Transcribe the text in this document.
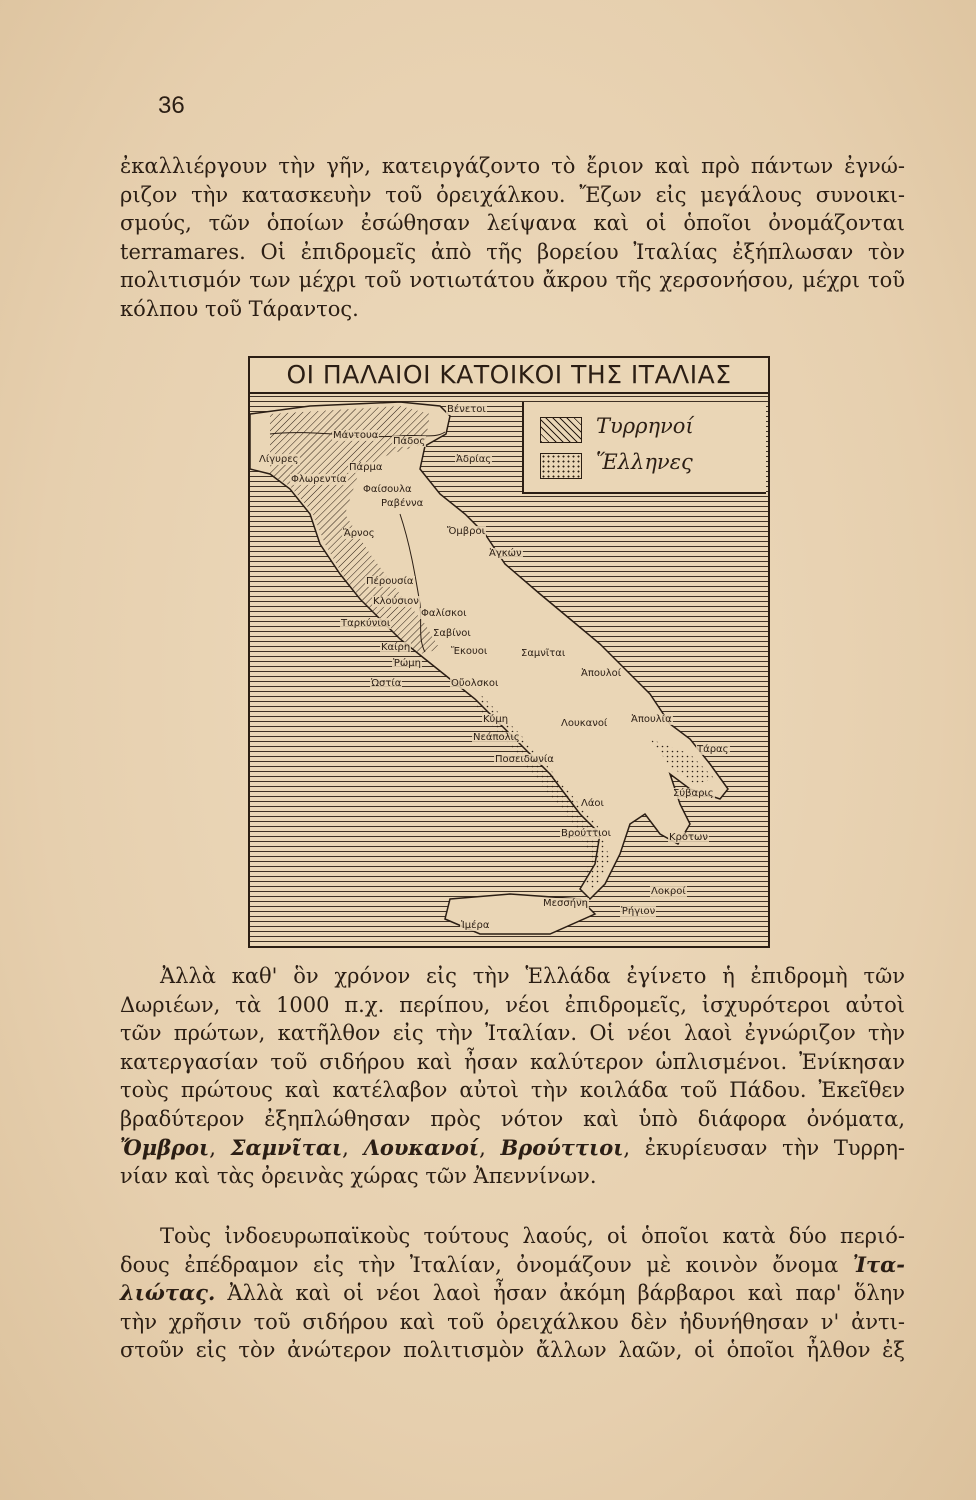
36
ἐκαλλιέργουν τὴν γῆν, κατειργάζοντο τὸ ἔριον καὶ πρὸ πάντων ἐγνώ-
ριζον τὴν κατασκευὴν τοῦ ὀρειχάλκου. Ἔζων εἰς μεγάλους συνοικι-
σμούς, τῶν ὁποίων ἐσώθησαν λείψανα καὶ οἱ ὁποῖοι ὀνομάζονται
terramares. Οἱ ἐπιδρομεῖς ἀπὸ τῆς βορείου Ἰταλίας ἐξήπλωσαν τὸν
πολιτισμόν των μέχρι τοῦ νοτιωτάτου ἄκρου τῆς χερσονήσου, μέχρι τοῦ
κόλπου τοῦ Τάραντος.
ΟΙ ΠΑΛΑΙΟΙ ΚΑΤΟΙΚΟΙ ΤΗΣ ΙΤΑΛΙΑΣ
Τυρρηνοί
Ἕλληνες
Βένετοι
Μάντουα
Πάδος
Ἀδρίας
Λίγυρες
Φλωρεντία
Πάρμα
Φαίσουλα
Ραβέννα
Ἄρνος	Ὄμβροι
Ἀγκών
Πέρουσία
Κλούσιον
Ταρκύνιοι
Φαλίσκοι
Σαβίνοι
Καίρη	Ἔκουοι
Ῥώμη
Ὠστία	Οὔολσκοι
Σαμνῖται
Ἀπουλοί
Κύμη
Νεάπολις
Λουκανοί Ἀπουλία
Ποσειδωνία
Τάρας
Σύβαρις
Λάοι
Βρούττιοι	Κρότων
Λοκροί
Μεσσήνη
Ῥήγιον
Ἱμέρα
Ἀλλὰ καθ' ὃν χρόνον εἰς τὴν Ἑλλάδα ἐγίνετο ἡ ἐπιδρομὴ τῶν
Δωριέων, τὰ 1000 π.χ. περίπου, νέοι ἐπιδρομεῖς, ἰσχυρότεροι αὐτοὶ
τῶν πρώτων, κατῆλθον εἰς τὴν Ἰταλίαν. Οἱ νέοι λαοὶ ἐγνώριζον τὴν
κατεργασίαν τοῦ σιδήρου καὶ ἦσαν καλύτερον ὡπλισμένοι. Ἐνίκησαν
τοὺς πρώτους καὶ κατέλαβον αὐτοὶ τὴν κοιλάδα τοῦ Πάδου. Ἐκεῖθεν
βραδύτερον ἐξηπλώθησαν πρὸς νότον καὶ ὑπὸ διάφορα ὀνόματα,
Ὄμβροι, Σαμνῖται, Λουκανοί, Βρούττιοι, ἐκυρίευσαν τὴν Τυρρη-
νίαν καὶ τὰς ὀρεινὰς χώρας τῶν Ἀπεννίνων.
Τοὺς ἰνδοευρωπαϊκοὺς τούτους λαούς, οἱ ὁποῖοι κατὰ δύο περιό-
δους ἐπέδραμον εἰς τὴν Ἰταλίαν, ὀνομάζουν μὲ κοινὸν ὄνομα Ἰτα-
λιώτας. Ἀλλὰ καὶ οἱ νέοι λαοὶ ἦσαν ἀκόμη βάρβαροι καὶ παρ' ὅλην
τὴν χρῆσιν τοῦ σιδήρου καὶ τοῦ ὀρειχάλκου δὲν ἠδυνήθησαν ν' ἀντι-
στοῦν εἰς τὸν ἀνώτερον πολιτισμὸν ἄλλων λαῶν, οἱ ὁποῖοι ἦλθον ἐξ
